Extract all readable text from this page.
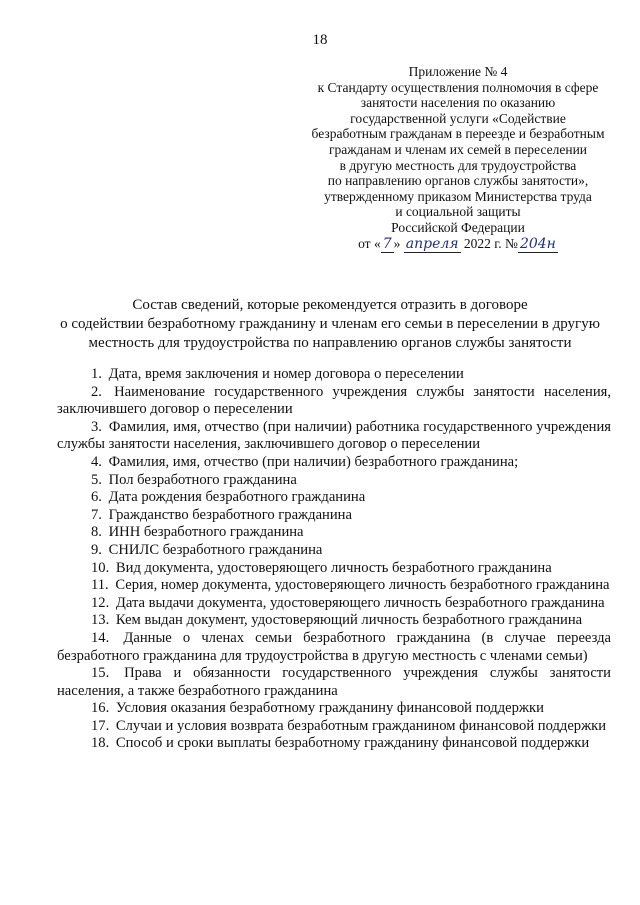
18
Приложение № 4
к Стандарту осуществления полномочия в сфере
занятости населения по оказанию
государственной услуги «Содействие
безработным гражданам в переезде и безработным
гражданам и членам их семей в переселении
в другую местность для трудоустройства
по направлению органов службы занятости»,
утвержденному приказом Министерства труда
и социальной защиты
Российской Федерации
от « 7 » апреля 2022 г. № 204н
Состав сведений, которые рекомендуется отразить в договоре
о содействии безработному гражданину и членам его семьи в переселении в другую
местность для трудоустройства по направлению органов службы занятости
1. Дата, время заключения и номер договора о переселении
2. Наименование государственного учреждения службы занятости населения, заключившего договор о переселении
3. Фамилия, имя, отчество (при наличии) работника государственного учреждения службы занятости населения, заключившего договор о переселении
4. Фамилия, имя, отчество (при наличии) безработного гражданина;
5. Пол безработного гражданина
6. Дата рождения безработного гражданина
7. Гражданство безработного гражданина
8. ИНН безработного гражданина
9. СНИЛС безработного гражданина
10. Вид документа, удостоверяющего личность безработного гражданина
11. Серия, номер документа, удостоверяющего личность безработного гражданина
12. Дата выдачи документа, удостоверяющего личность безработного гражданина
13. Кем выдан документ, удостоверяющий личность безработного гражданина
14. Данные о членах семьи безработного гражданина (в случае переезда безработного гражданина для трудоустройства в другую местность с членами семьи)
15. Права и обязанности государственного учреждения службы занятости населения, а также безработного гражданина
16. Условия оказания безработному гражданину финансовой поддержки
17. Случаи и условия возврата безработным гражданином финансовой поддержки
18. Способ и сроки выплаты безработному гражданину финансовой поддержки
